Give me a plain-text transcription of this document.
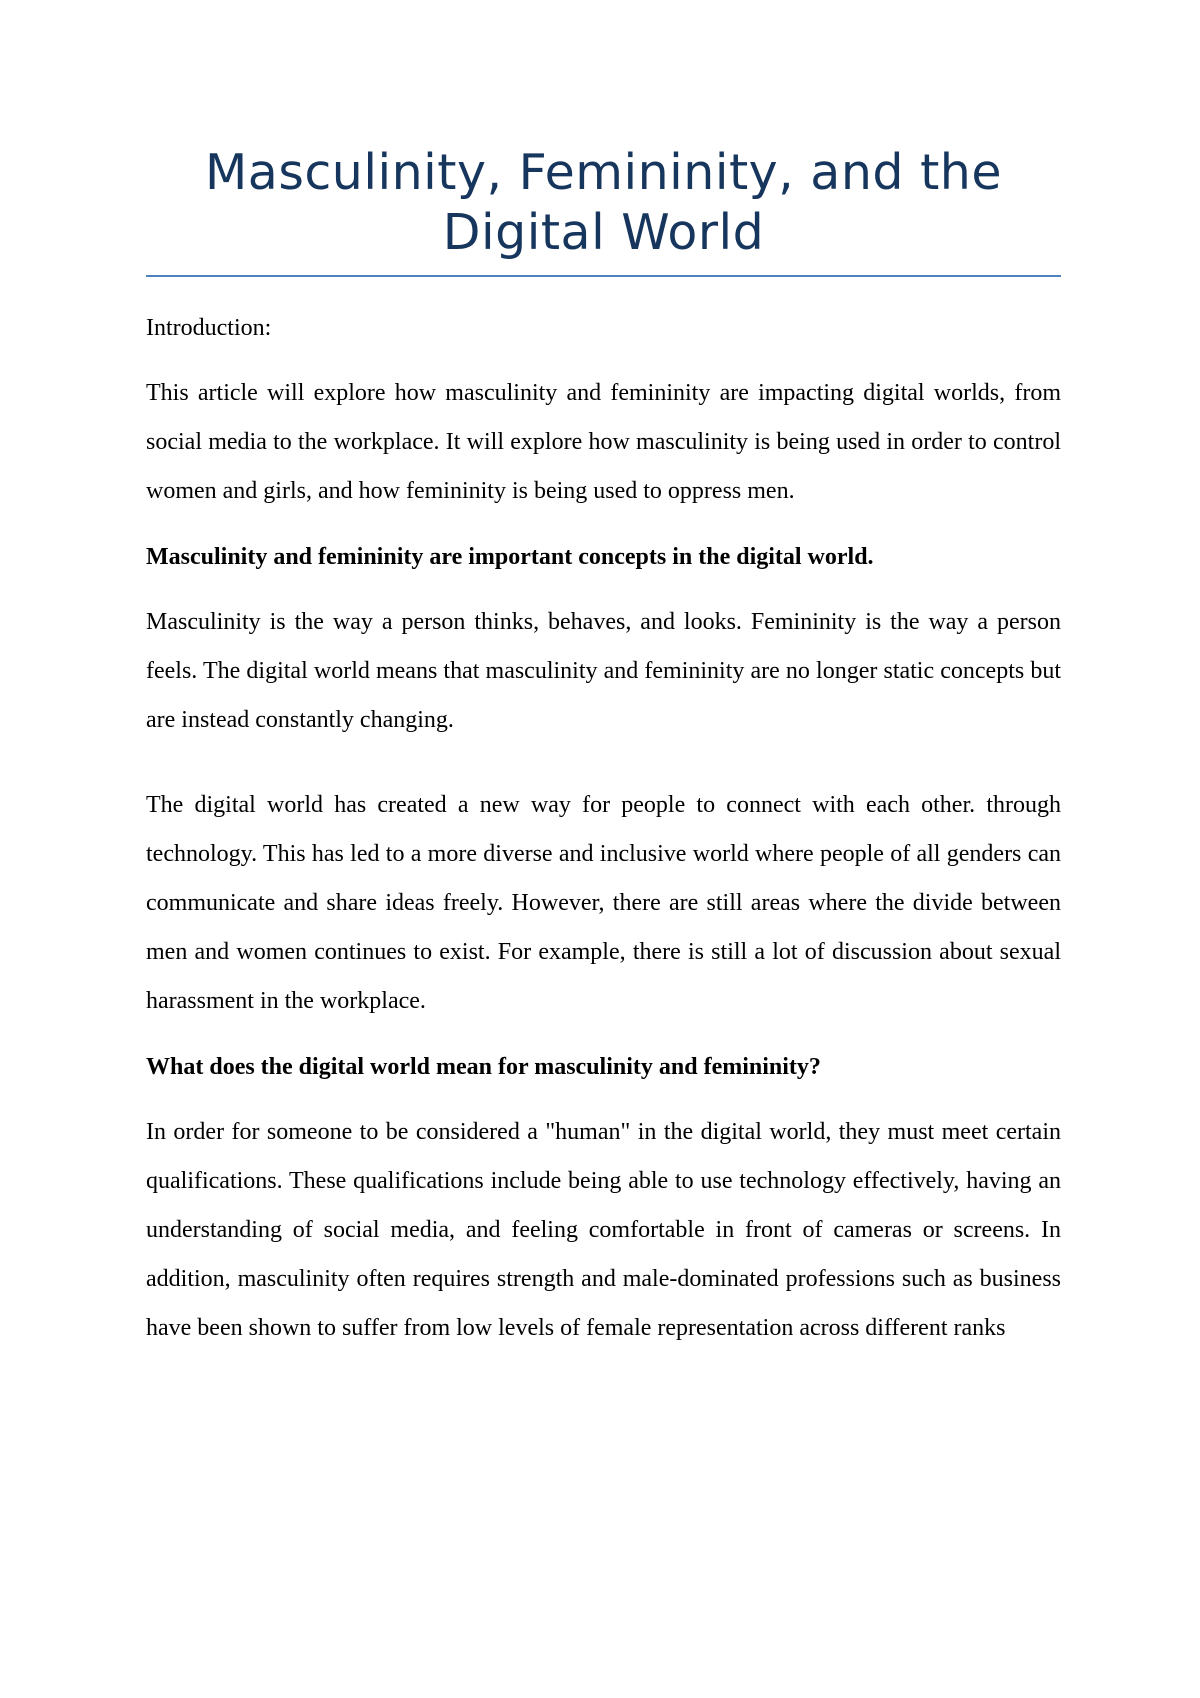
Masculinity, Femininity, and the Digital World

Introduction:

This article will explore how masculinity and femininity are impacting digital worlds, from social media to the workplace. It will explore how masculinity is being used in order to control women and girls, and how femininity is being used to oppress men.

Masculinity and femininity are important concepts in the digital world.

Masculinity is the way a person thinks, behaves, and looks. Femininity is the way a person feels. The digital world means that masculinity and femininity are no longer static concepts but are instead constantly changing.

The digital world has created a new way for people to connect with each other. through technology. This has led to a more diverse and inclusive world where people of all genders can communicate and share ideas freely. However, there are still areas where the divide between men and women continues to exist. For example, there is still a lot of discussion about sexual harassment in the workplace.

What does the digital world mean for masculinity and femininity?

In order for someone to be considered a "human" in the digital world, they must meet certain qualifications. These qualifications include being able to use technology effectively, having an understanding of social media, and feeling comfortable in front of cameras or screens. In addition, masculinity often requires strength and male-dominated professions such as business have been shown to suffer from low levels of female representation across different ranks
